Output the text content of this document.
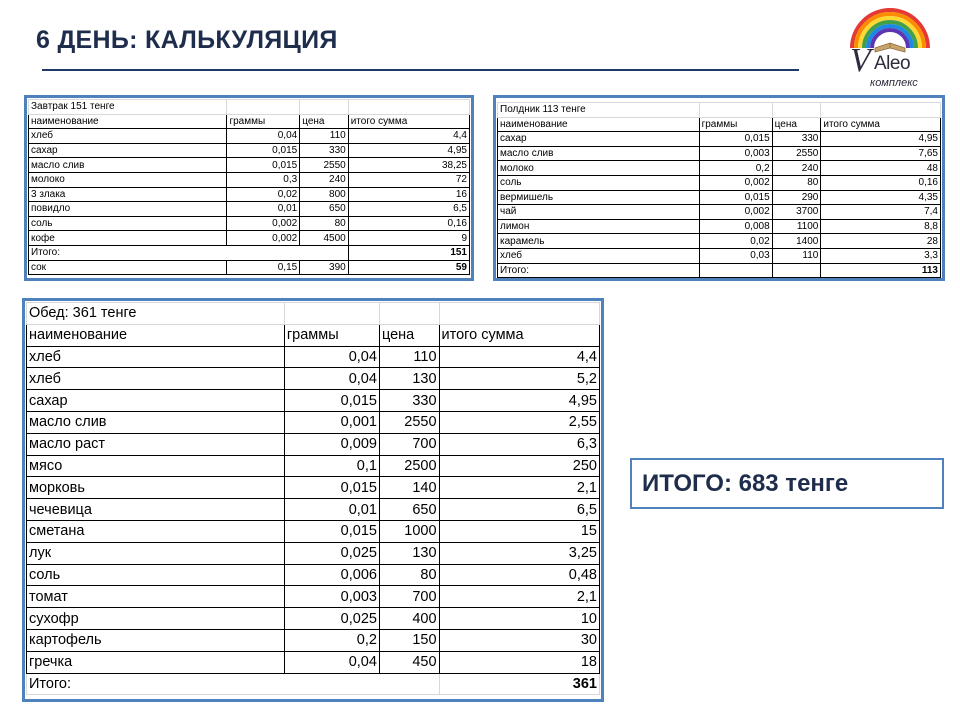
6 ДЕНЬ: КАЛЬКУЛЯЦИЯ
V Aleo
комплекс
Завтрак 151 тенге			
наименование	граммы	цена	итого сумма
хлеб	0,04	110	4,4
сахар	0,015	330	4,95
масло слив	0,015	2550	38,25
молоко	0,3	240	72
3 злака	0,02	800	16
повидло	0,01	650	6,5
соль	0,002	80	0,16
кофе	0,002	4500	9
Итого:			151
сок	0,15	390	59
Полдник 113 тенге			
наименование	граммы	цена	итого сумма
сахар	0,015	330	4,95
масло слив	0,003	2550	7,65
молоко	0,2	240	48
соль	0,002	80	0,16
вермишель	0,015	290	4,35
чай	0,002	3700	7,4
лимон	0,008	1100	8,8
карамель	0,02	1400	28
хлеб	0,03	110	3,3
Итого:			113
Обед: 361 тенге			
наименование	граммы	цена	итого сумма
хлеб	0,04	110	4,4
хлеб	0,04	130	5,2
сахар	0,015	330	4,95
масло слив	0,001	2550	2,55
масло раст	0,009	700	6,3
мясо	0,1	2500	250
морковь	0,015	140	2,1
чечевица	0,01	650	6,5
сметана	0,015	1000	15
лук	0,025	130	3,25
соль	0,006	80	0,48
томат	0,003	700	2,1
сухофр	0,025	400	10
картофель	0,2	150	30
гречка	0,04	450	18
Итого:			361
ИТОГО: 683 тенге
